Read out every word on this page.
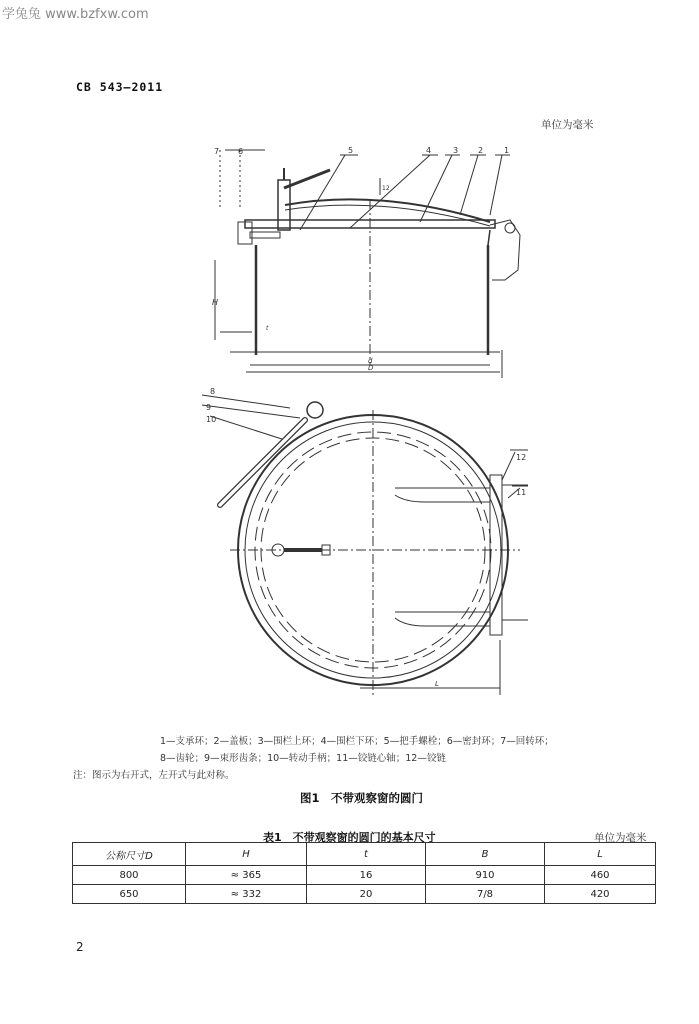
学兔兔 www.bzfxw.com
CB 543—2011
单位为毫米
7 6	5	4	3 2	1
8
9
10
12
11
12
H
t
d
D
L
1—支承环；2—盖板；3—围栏上环；4—围栏下环；5—把手螺栓；6—密封环；7—回转环；
8—齿轮；9—束形齿条；10—转动手柄；11—铰链心轴；12—铰链
注：图示为右开式，左开式与此对称。
图1　不带观察窗的圆门
表1　不带观察窗的圆门的基本尺寸	单位为毫米
公称尺寸D	H	t	B	L
800	≈ 365	16	910	460
650	≈ 332	20	7/8	420
2
